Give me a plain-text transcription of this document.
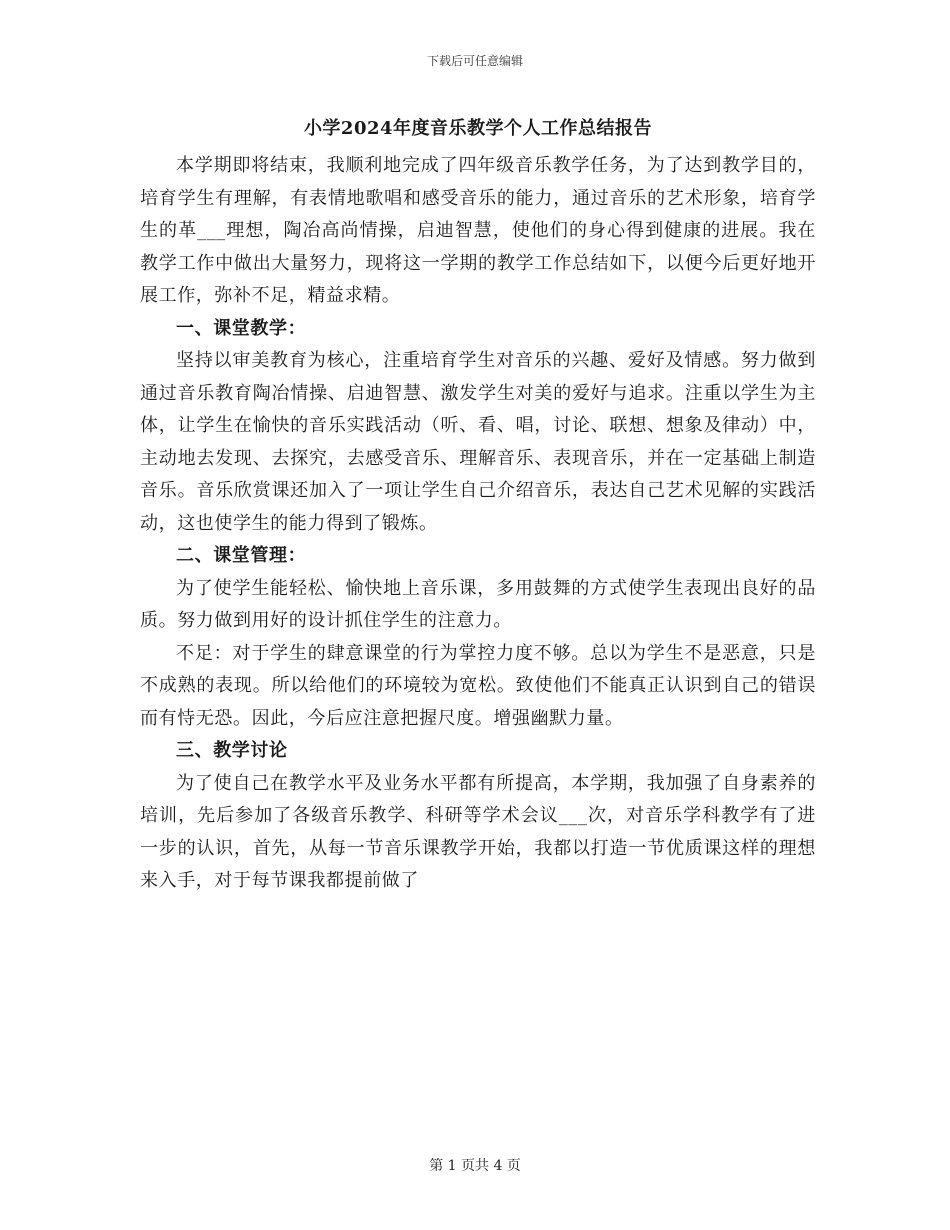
下载后可任意编辑
小学2024年度音乐教学个人工作总结报告

本学期即将结束，我顺利地完成了四年级音乐教学任务，为了达到教学目的，培育学生有理解，有表情地歌唱和感受音乐的能力，通过音乐的艺术形象，培育学生的革___理想，陶冶高尚情操，启迪智慧，使他们的身心得到健康的进展。我在教学工作中做出大量努力，现将这一学期的教学工作总结如下，以便今后更好地开展工作，弥补不足，精益求精。

一、课堂教学：

坚持以审美教育为核心，注重培育学生对音乐的兴趣、爱好及情感。努力做到通过音乐教育陶冶情操、启迪智慧、激发学生对美的爱好与追求。注重以学生为主体，让学生在愉快的音乐实践活动（听、看、唱，讨论、联想、想象及律动）中，主动地去发现、去探究，去感受音乐、理解音乐、表现音乐，并在一定基础上制造音乐。音乐欣赏课还加入了一项让学生自己介绍音乐，表达自己艺术见解的实践活动，这也使学生的能力得到了锻炼。

二、课堂管理：

为了使学生能轻松、愉快地上音乐课，多用鼓舞的方式使学生表现出良好的品质。努力做到用好的设计抓住学生的注意力。

不足：对于学生的肆意课堂的行为掌控力度不够。总以为学生不是恶意，只是不成熟的表现。所以给他们的环境较为宽松。致使他们不能真正认识到自己的错误而有恃无恐。因此，今后应注意把握尺度。增强幽默力量。

三、教学讨论

为了使自己在教学水平及业务水平都有所提高，本学期，我加强了自身素养的培训，先后参加了各级音乐教学、科研等学术会议___次，对音乐学科教学有了进一步的认识，首先，从每一节音乐课教学开始，我都以打造一节优质课这样的理想来入手，对于每节课我都提前做了

第 1 页共 4 页
